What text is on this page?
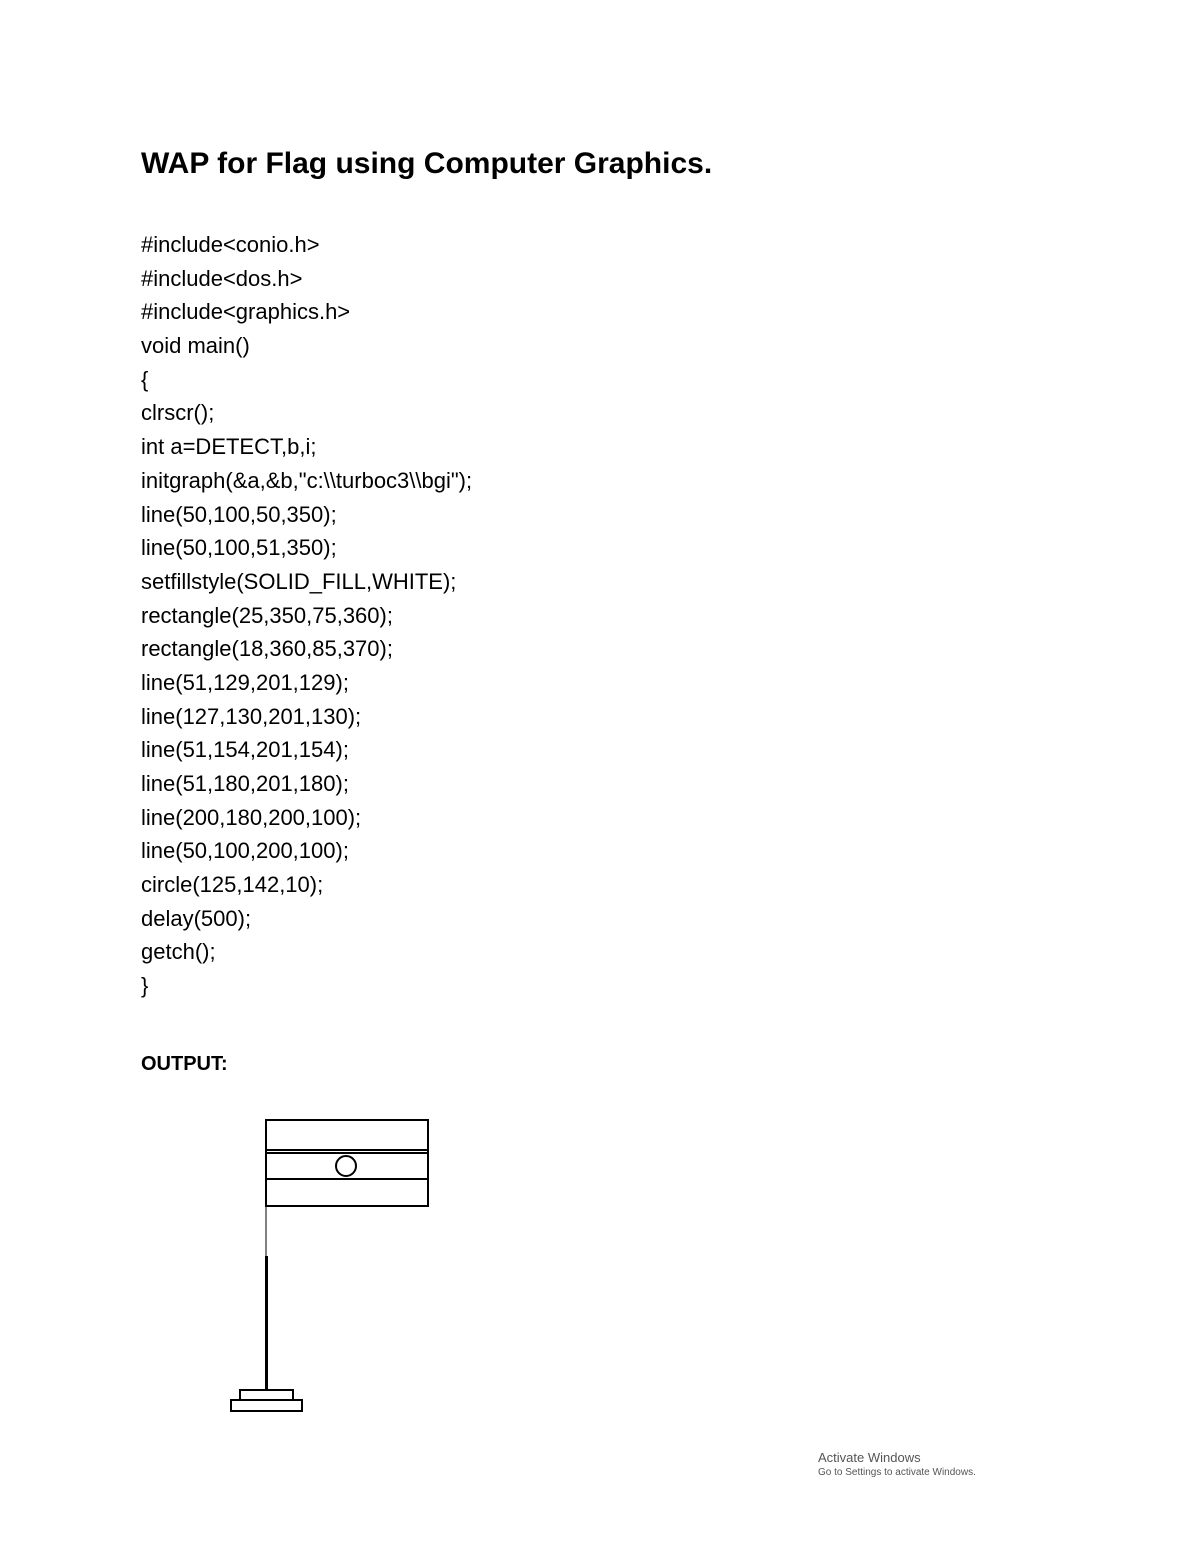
WAP for Flag using Computer Graphics.
#include<conio.h>
#include<dos.h>
#include<graphics.h>
void main()
{
clrscr();
int a=DETECT,b,i;
initgraph(&a,&b,"c:\\turboc3\\bgi");
line(50,100,50,350);
line(50,100,51,350);
setfillstyle(SOLID_FILL,WHITE);
rectangle(25,350,75,360);
rectangle(18,360,85,370);
line(51,129,201,129);
line(127,130,201,130);
line(51,154,201,154);
line(51,180,201,180);
line(200,180,200,100);
line(50,100,200,100);
circle(125,142,10);
delay(500);
getch();
}

OUTPUT:

Activate Windows
Go to Settings to activate Windows.
